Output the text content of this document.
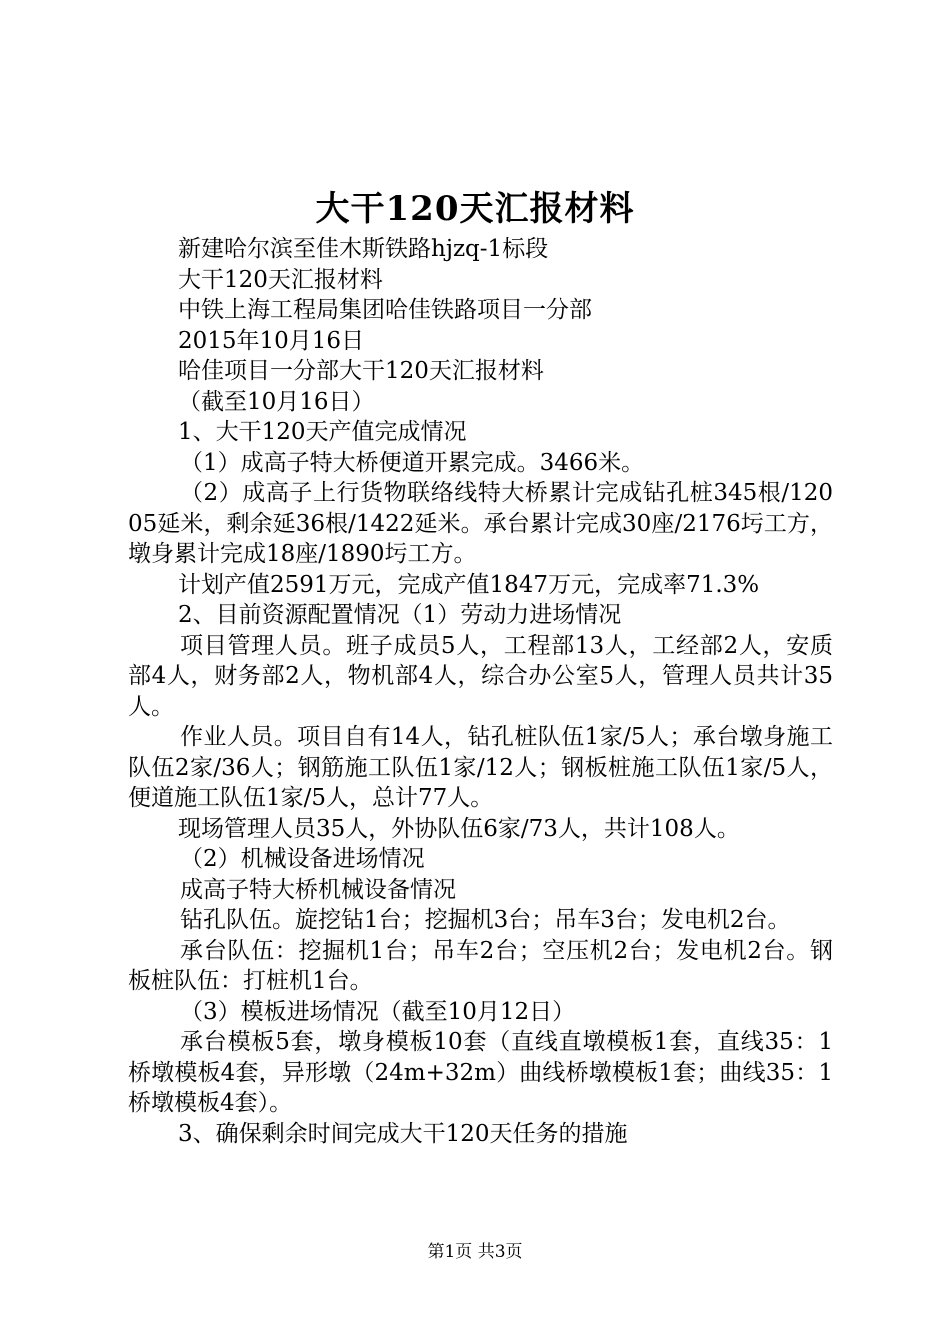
大干120天汇报材料

新建哈尔滨至佳木斯铁路hjzq-1标段

大干120天汇报材料

中铁上海工程局集团哈佳铁路项目一分部

2015年10月16日

哈佳项目一分部大干120天汇报材料

（截至10月16日）

1、大干120天产值完成情况

（1）成高子特大桥便道开累完成。3466米。

（2）成高子上行货物联络线特大桥累计完成钻孔桩345根/12005延米，剩余延36根/1422延米。承台累计完成30座/2176圬工方，墩身累计完成18座/1890圬工方。

计划产值2591万元，完成产值1847万元，完成率71.3%

2、目前资源配置情况（1）劳动力进场情况

项目管理人员。班子成员5人，工程部13人，工经部2人，安质部4人，财务部2人，物机部4人，综合办公室5人，管理人员共计35人。

作业人员。项目自有14人，钻孔桩队伍1家/5人；承台墩身施工队伍2家/36人；钢筋施工队伍1家/12人；钢板桩施工队伍1家/5人，便道施工队伍1家/5人，总计77人。

现场管理人员35人，外协队伍6家/73人，共计108人。

（2）机械设备进场情况

成高子特大桥机械设备情况

钻孔队伍。旋挖钻1台；挖掘机3台；吊车3台；发电机2台。

承台队伍：挖掘机1台；吊车2台；空压机2台；发电机2台。钢板桩队伍：打桩机1台。

（3）模板进场情况（截至10月12日）

承台模板5套，墩身模板10套（直线直墩模板1套，直线35：1桥墩模板4套，异形墩（24m+32m）曲线桥墩模板1套；曲线35：1桥墩模板4套）。

3、确保剩余时间完成大干120天任务的措施

第1页 共3页
